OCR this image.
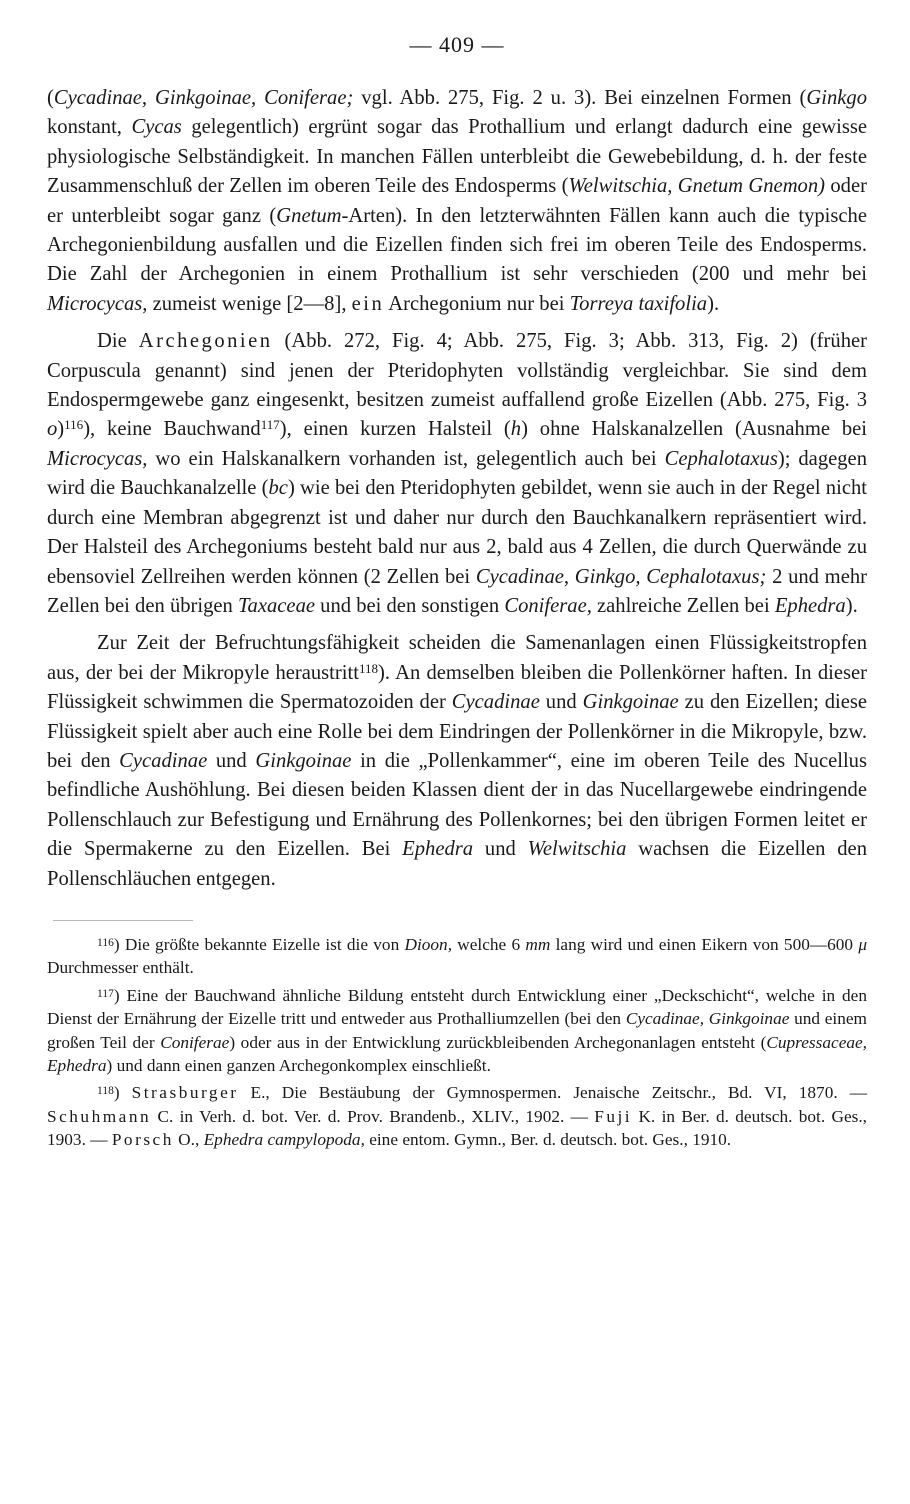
— 409 —

(Cycadinae, Ginkgoinae, Coniferae; vgl. Abb. 275, Fig. 2 u. 3). Bei einzelnen Formen (Ginkgo konstant, Cycas gelegentlich) ergrünt sogar das Prothallium und erlangt dadurch eine gewisse physiologische Selbständigkeit. In manchen Fällen unterbleibt die Gewebebildung, d. h. der feste Zusammenschluß der Zellen im oberen Teile des Endosperms (Welwitschia, Gnetum Gnemon) oder er unterbleibt sogar ganz (Gnetum-Arten). In den letzterwähnten Fällen kann auch die typische Archegonienbildung ausfallen und die Eizellen finden sich frei im oberen Teile des Endosperms. Die Zahl der Archegonien in einem Prothallium ist sehr verschieden (200 und mehr bei Microcycas, zumeist wenige [2—8], ein Archegonium nur bei Torreya taxifolia).

Die Archegonien (Abb. 272, Fig. 4; Abb. 275, Fig. 3; Abb. 313, Fig. 2) (früher Corpuscula genannt) sind jenen der Pteridophyten vollständig vergleichbar. Sie sind dem Endospermgewebe ganz eingesenkt, besitzen zumeist auffallend große Eizellen (Abb. 275, Fig. 3 o)$^{116}$), keine Bauchwand$^{117}$), einen kurzen Halsteil (h) ohne Halskanalzellen (Ausnahme bei Microcycas, wo ein Halskanalkern vorhanden ist, gelegentlich auch bei Cephalotaxus); dagegen wird die Bauchkanalzelle (bc) wie bei den Pteridophyten gebildet, wenn sie auch in der Regel nicht durch eine Membran abgegrenzt ist und daher nur durch den Bauchkanalkern repräsentiert wird. Der Halsteil des Archegoniums besteht bald nur aus 2, bald aus 4 Zellen, die durch Querwände zu ebensoviel Zellreihen werden können (2 Zellen bei Cycadinae, Ginkgo, Cephalotaxus; 2 und mehr Zellen bei den übrigen Taxaceae und bei den sonstigen Coniferae, zahlreiche Zellen bei Ephedra).

Zur Zeit der Befruchtungsfähigkeit scheiden die Samenanlagen einen Flüssigkeitstropfen aus, der bei der Mikropyle heraustritt$^{118}$). An demselben bleiben die Pollenkörner haften. In dieser Flüssigkeit schwimmen die Spermatozoiden der Cycadinae und Ginkgoinae zu den Eizellen; diese Flüssigkeit spielt aber auch eine Rolle bei dem Eindringen der Pollenkörner in die Mikropyle, bzw. bei den Cycadinae und Ginkgoinae in die „Pollenkammer“, eine im oberen Teile des Nucellus befindliche Aushöhlung. Bei diesen beiden Klassen dient der in das Nucellargewebe eindringende Pollenschlauch zur Befestigung und Ernährung des Pollenkornes; bei den übrigen Formen leitet er die Spermakerne zu den Eizellen. Bei Ephedra und Welwitschia wachsen die Eizellen den Pollenschläuchen entgegen.

$^{116}$) Die größte bekannte Eizelle ist die von Dioon, welche 6 mm lang wird und einen Eikern von 500—600 μ Durchmesser enthält.

$^{117}$) Eine der Bauchwand ähnliche Bildung entsteht durch Entwicklung einer „Deckschicht“, welche in den Dienst der Ernährung der Eizelle tritt und entweder aus Prothalliumzellen (bei den Cycadinae, Ginkgoinae und einem großen Teil der Coniferae) oder aus in der Entwicklung zurückbleibenden Archegonanlagen entsteht (Cupressaceae, Ephedra) und dann einen ganzen Archegonkomplex einschließt.

$^{118}$) Strasburger E., Die Bestäubung der Gymnospermen. Jenaische Zeitschr., Bd. VI, 1870. — Schuhmann C. in Verh. d. bot. Ver. d. Prov. Brandenb., XLIV., 1902. — Fuji K. in Ber. d. deutsch. bot. Ges., 1903. — Porsch O., Ephedra campylopoda, eine entom. Gymn., Ber. d. deutsch. bot. Ges., 1910.
